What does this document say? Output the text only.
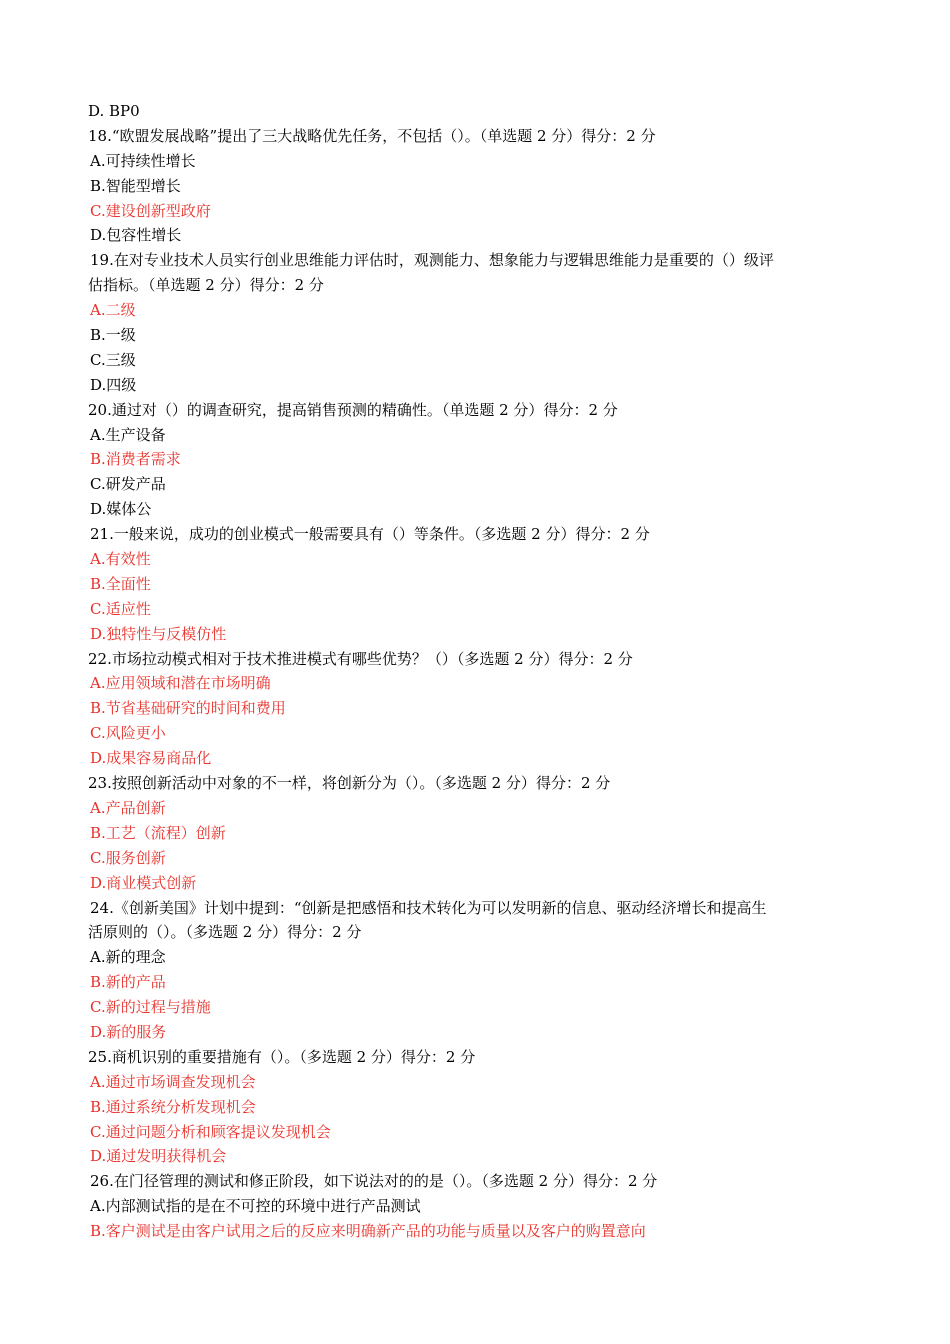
D. BP0
18.“欧盟发展战略”提出了三大战略优先任务，不包括（）。（单选题 2 分）得分：2 分
A.可持续性增长
B.智能型增长
C.建设创新型政府
D.包容性增长
19.在对专业技术人员实行创业思维能力评估时，观测能力、想象能力与逻辑思维能力是重要的（）级评
估指标。（单选题 2 分）得分：2 分
A.二级
B.一级
C.三级
D.四级
20.通过对（）的调查研究，提高销售预测的精确性。（单选题 2 分）得分：2 分
A.生产设备
B.消费者需求
C.研发产品
D.媒体公
21.一般来说，成功的创业模式一般需要具有（）等条件。（多选题 2 分）得分：2 分
A.有效性
B.全面性
C.适应性
D.独特性与反模仿性
22.市场拉动模式相对于技术推进模式有哪些优势？（）（多选题 2 分）得分：2 分
A.应用领域和潜在市场明确
B.节省基础研究的时间和费用
C.风险更小
D.成果容易商品化
23.按照创新活动中对象的不一样，将创新分为（）。（多选题 2 分）得分：2 分
A.产品创新
B.工艺（流程）创新
C.服务创新
D.商业模式创新
24.《创新美国》计划中提到：“创新是把感悟和技术转化为可以发明新的信息、驱动经济增长和提高生
活原则的（）。（多选题 2 分）得分：2 分
A.新的理念
B.新的产品
C.新的过程与措施
D.新的服务
25.商机识别的重要措施有（）。（多选题 2 分）得分：2 分
A.通过市场调查发现机会
B.通过系统分析发现机会
C.通过问题分析和顾客提议发现机会
D.通过发明获得机会
26.在门径管理的测试和修正阶段，如下说法对的的是（）。（多选题 2 分）得分：2 分
A.内部测试指的是在不可控的环境中进行产品测试
B.客户测试是由客户试用之后的反应来明确新产品的功能与质量以及客户的购置意向
